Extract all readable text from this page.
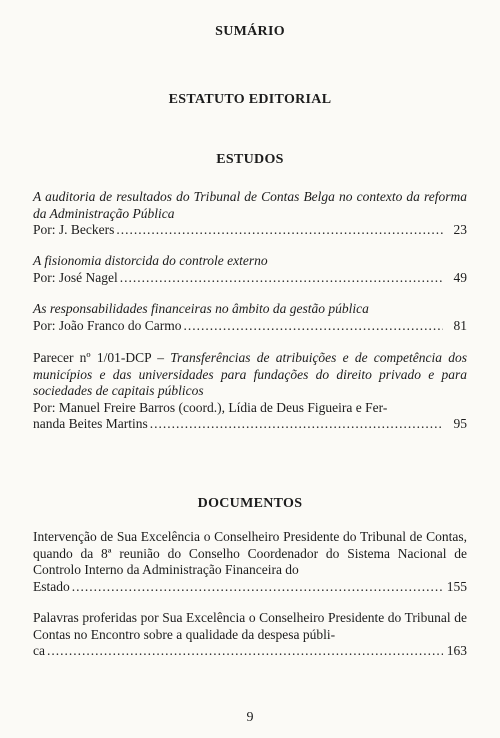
SUMÁRIO
ESTATUTO EDITORIAL
ESTUDOS
A auditoria de resultados do Tribunal de Contas Belga no contexto da reforma da Administração Pública
Por: J. Beckers .....	23
A fisionomia distorcida do controle externo
Por: José Nagel .....	49
As responsabilidades financeiras no âmbito da gestão pública
Por: João Franco do Carmo .....	81
Parecer nº 1/01-DCP – Transferências de atribuições e de competência dos municípios e das universidades para fundações do direito privado e para sociedades de capitais públicos
Por: Manuel Freire Barros (coord.), Lídia de Deus Figueira e Fer-
nanda Beites Martins .....	95
DOCUMENTOS
Intervenção de Sua Excelência o Conselheiro Presidente do Tribunal de Contas, quando da 8ª reunião do Conselho Coordenador do Sistema Nacional de Controlo Interno da Administração Financeira do
Estado .....	155
Palavras proferidas por Sua Excelência o Conselheiro Presidente do Tribunal de Contas no Encontro sobre a qualidade da despesa públi-
ca .....	163
9
